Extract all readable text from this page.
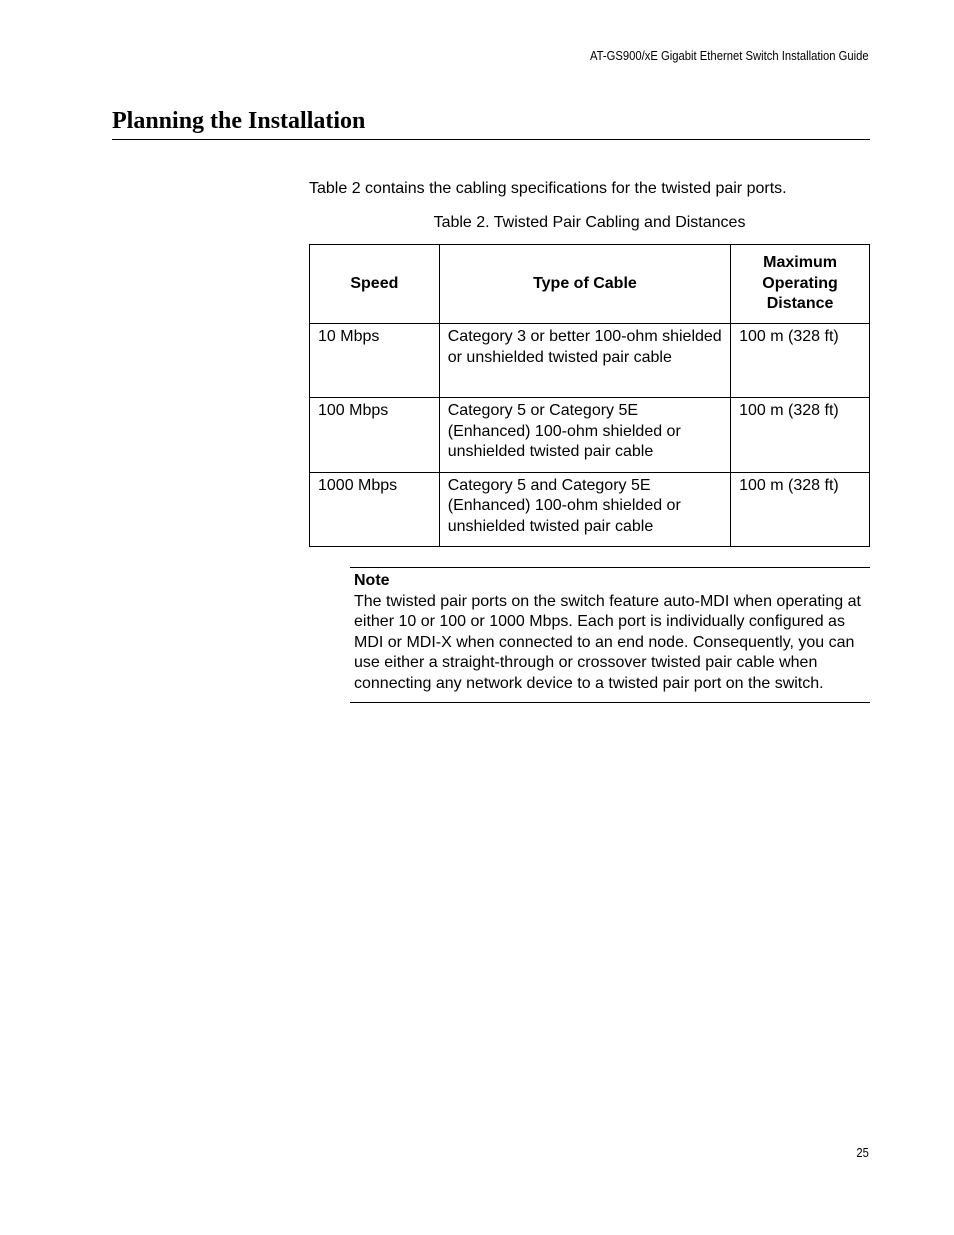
AT-GS900/xE Gigabit Ethernet Switch Installation Guide
Planning the Installation
Table 2 contains the cabling specifications for the twisted pair ports.
Table 2. Twisted Pair Cabling and Distances
Speed	Type of Cable	Maximum Operating Distance

10 Mbps	Category 3 or better 100-ohm shielded or unshielded twisted pair cable	100 m (328 ft)
100 Mbps	Category 5 or Category 5E (Enhanced) 100-ohm shielded or unshielded twisted pair cable	100 m (328 ft)
1000 Mbps	Category 5 and Category 5E (Enhanced) 100-ohm shielded or unshielded twisted pair cable	100 m (328 ft)
Note
The twisted pair ports on the switch feature auto-MDI when operating at either 10 or 100 or 1000 Mbps. Each port is individually configured as MDI or MDI-X when connected to an end node. Consequently, you can use either a straight-through or crossover twisted pair cable when connecting any network device to a twisted pair port on the switch.
25
